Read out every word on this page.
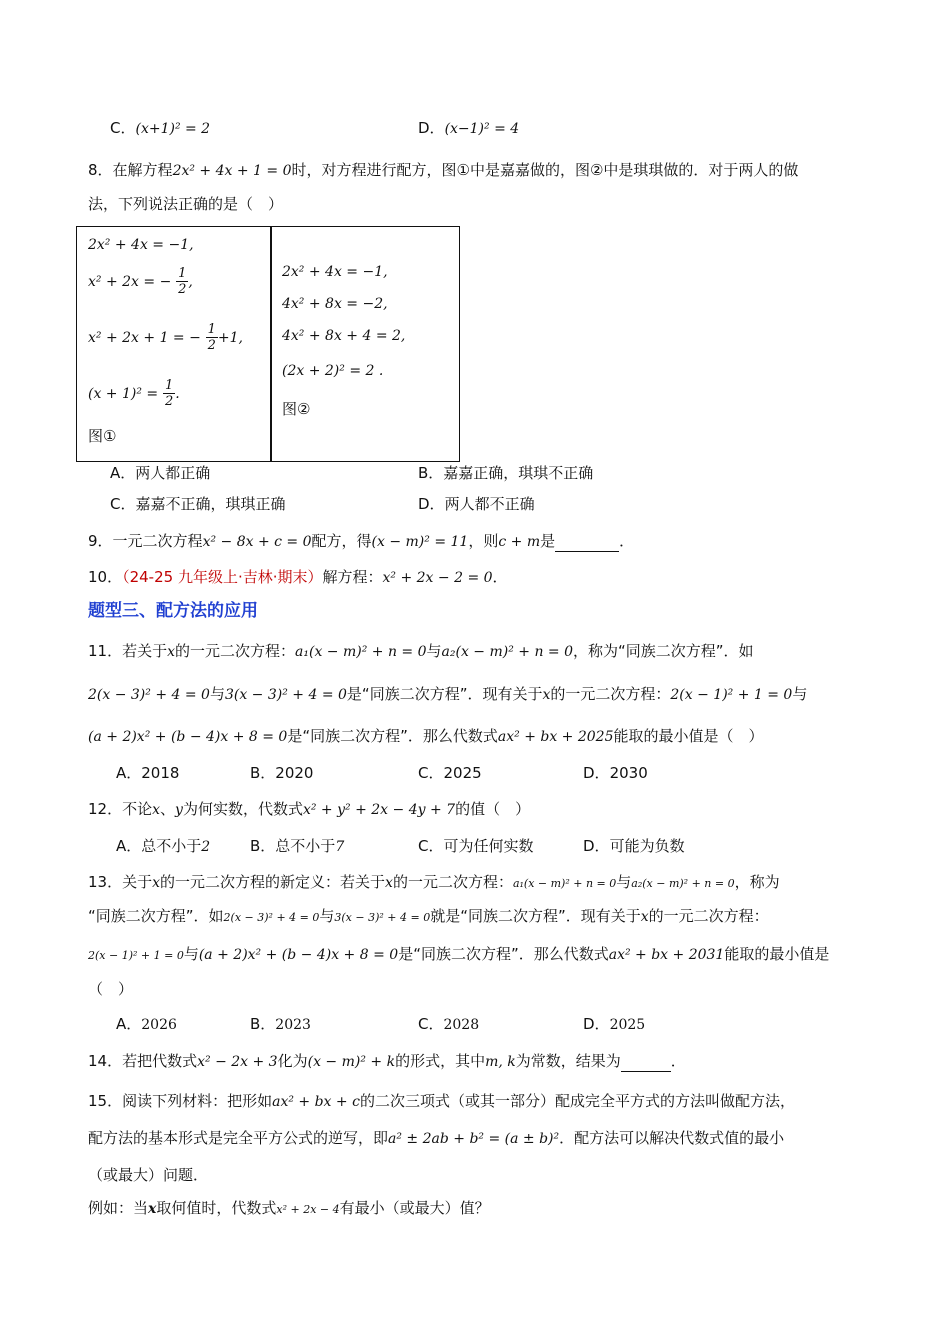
C．(x+1)² = 2	D．(x−1)² = 4
8．在解方程2x² + 4x + 1 = 0时，对方程进行配方，图①中是嘉嘉做的，图②中是琪琪做的．对于两人的做
法，下列说法正确的是（　）
2x² + 4x = −1,
x² + 2x = − $\frac{1}{2}$ ,
x² + 2x + 1 = − $\frac{1}{2} +1$,
$(x + 1)^2 = \frac{1}{2}$ .
图①
2x² + 4x = −1,
4x² + 8x = −2,
4x² + 8x + 4 = 2,
(2x + 2)² = 2 .
图②
A．两人都正确	B．嘉嘉正确，琪琪不正确
C．嘉嘉不正确，琪琪正确	D．两人都不正确
9．一元二次方程x² − 8x + c = 0配方，得(x − m)² = 11，则c + m是	．
10．（24-25 九年级上·吉林·期末）解方程：x² + 2x − 2 = 0．
题型三、配方法的应用
11．若关于x的一元二次方程：a₁(x − m)² + n = 0与a₂(x − m)² + n = 0，称为“同族二次方程”．如
2(x − 3)² + 4 = 0与3(x − 3)² + 4 = 0是“同族二次方程”．现有关于x的一元二次方程：2(x − 1)² + 1 = 0与
(a + 2)x² + (b − 4)x + 8 = 0是“同族二次方程”．那么代数式ax² + bx + 2025能取的最小值是（　）
A．2018	B．2020	C．2025	D．2030
12．不论x、y为何实数，代数式x² + y² + 2x − 4y + 7的值（　）
A．总不小于2	B．总不小于7	C．可为任何实数	D．可能为负数
13．关于x的一元二次方程的新定义：若关于x的一元二次方程：a₁(x − m)² + n = 0与a₂(x − m)² + n = 0，称为
“同族二次方程”．如2(x − 3)² + 4 = 0与3(x − 3)² + 4 = 0就是“同族二次方程”．现有关于x的一元二次方程：
2(x − 1)² + 1 = 0与(a + 2)x² + (b − 4)x + 8 = 0是“同族二次方程”．那么代数式ax² + bx + 2031能取的最小值是
（　）
A．2026	B．2023	C．2028	D．2025
14．若把代数式x² − 2x + 3化为(x − m)² + k的形式，其中m, k为常数，结果为	．
15．阅读下列材料：把形如ax² + bx + c的二次三项式（或其一部分）配成完全平方式的方法叫做配方法，
配方法的基本形式是完全平方公式的逆写，即a² ± 2ab + b² = (a ± b)²．配方法可以解决代数式值的最小
（或最大）问题．
例如：当x取何值时，代数式x² + 2x − 4有最小（或最大）值？
